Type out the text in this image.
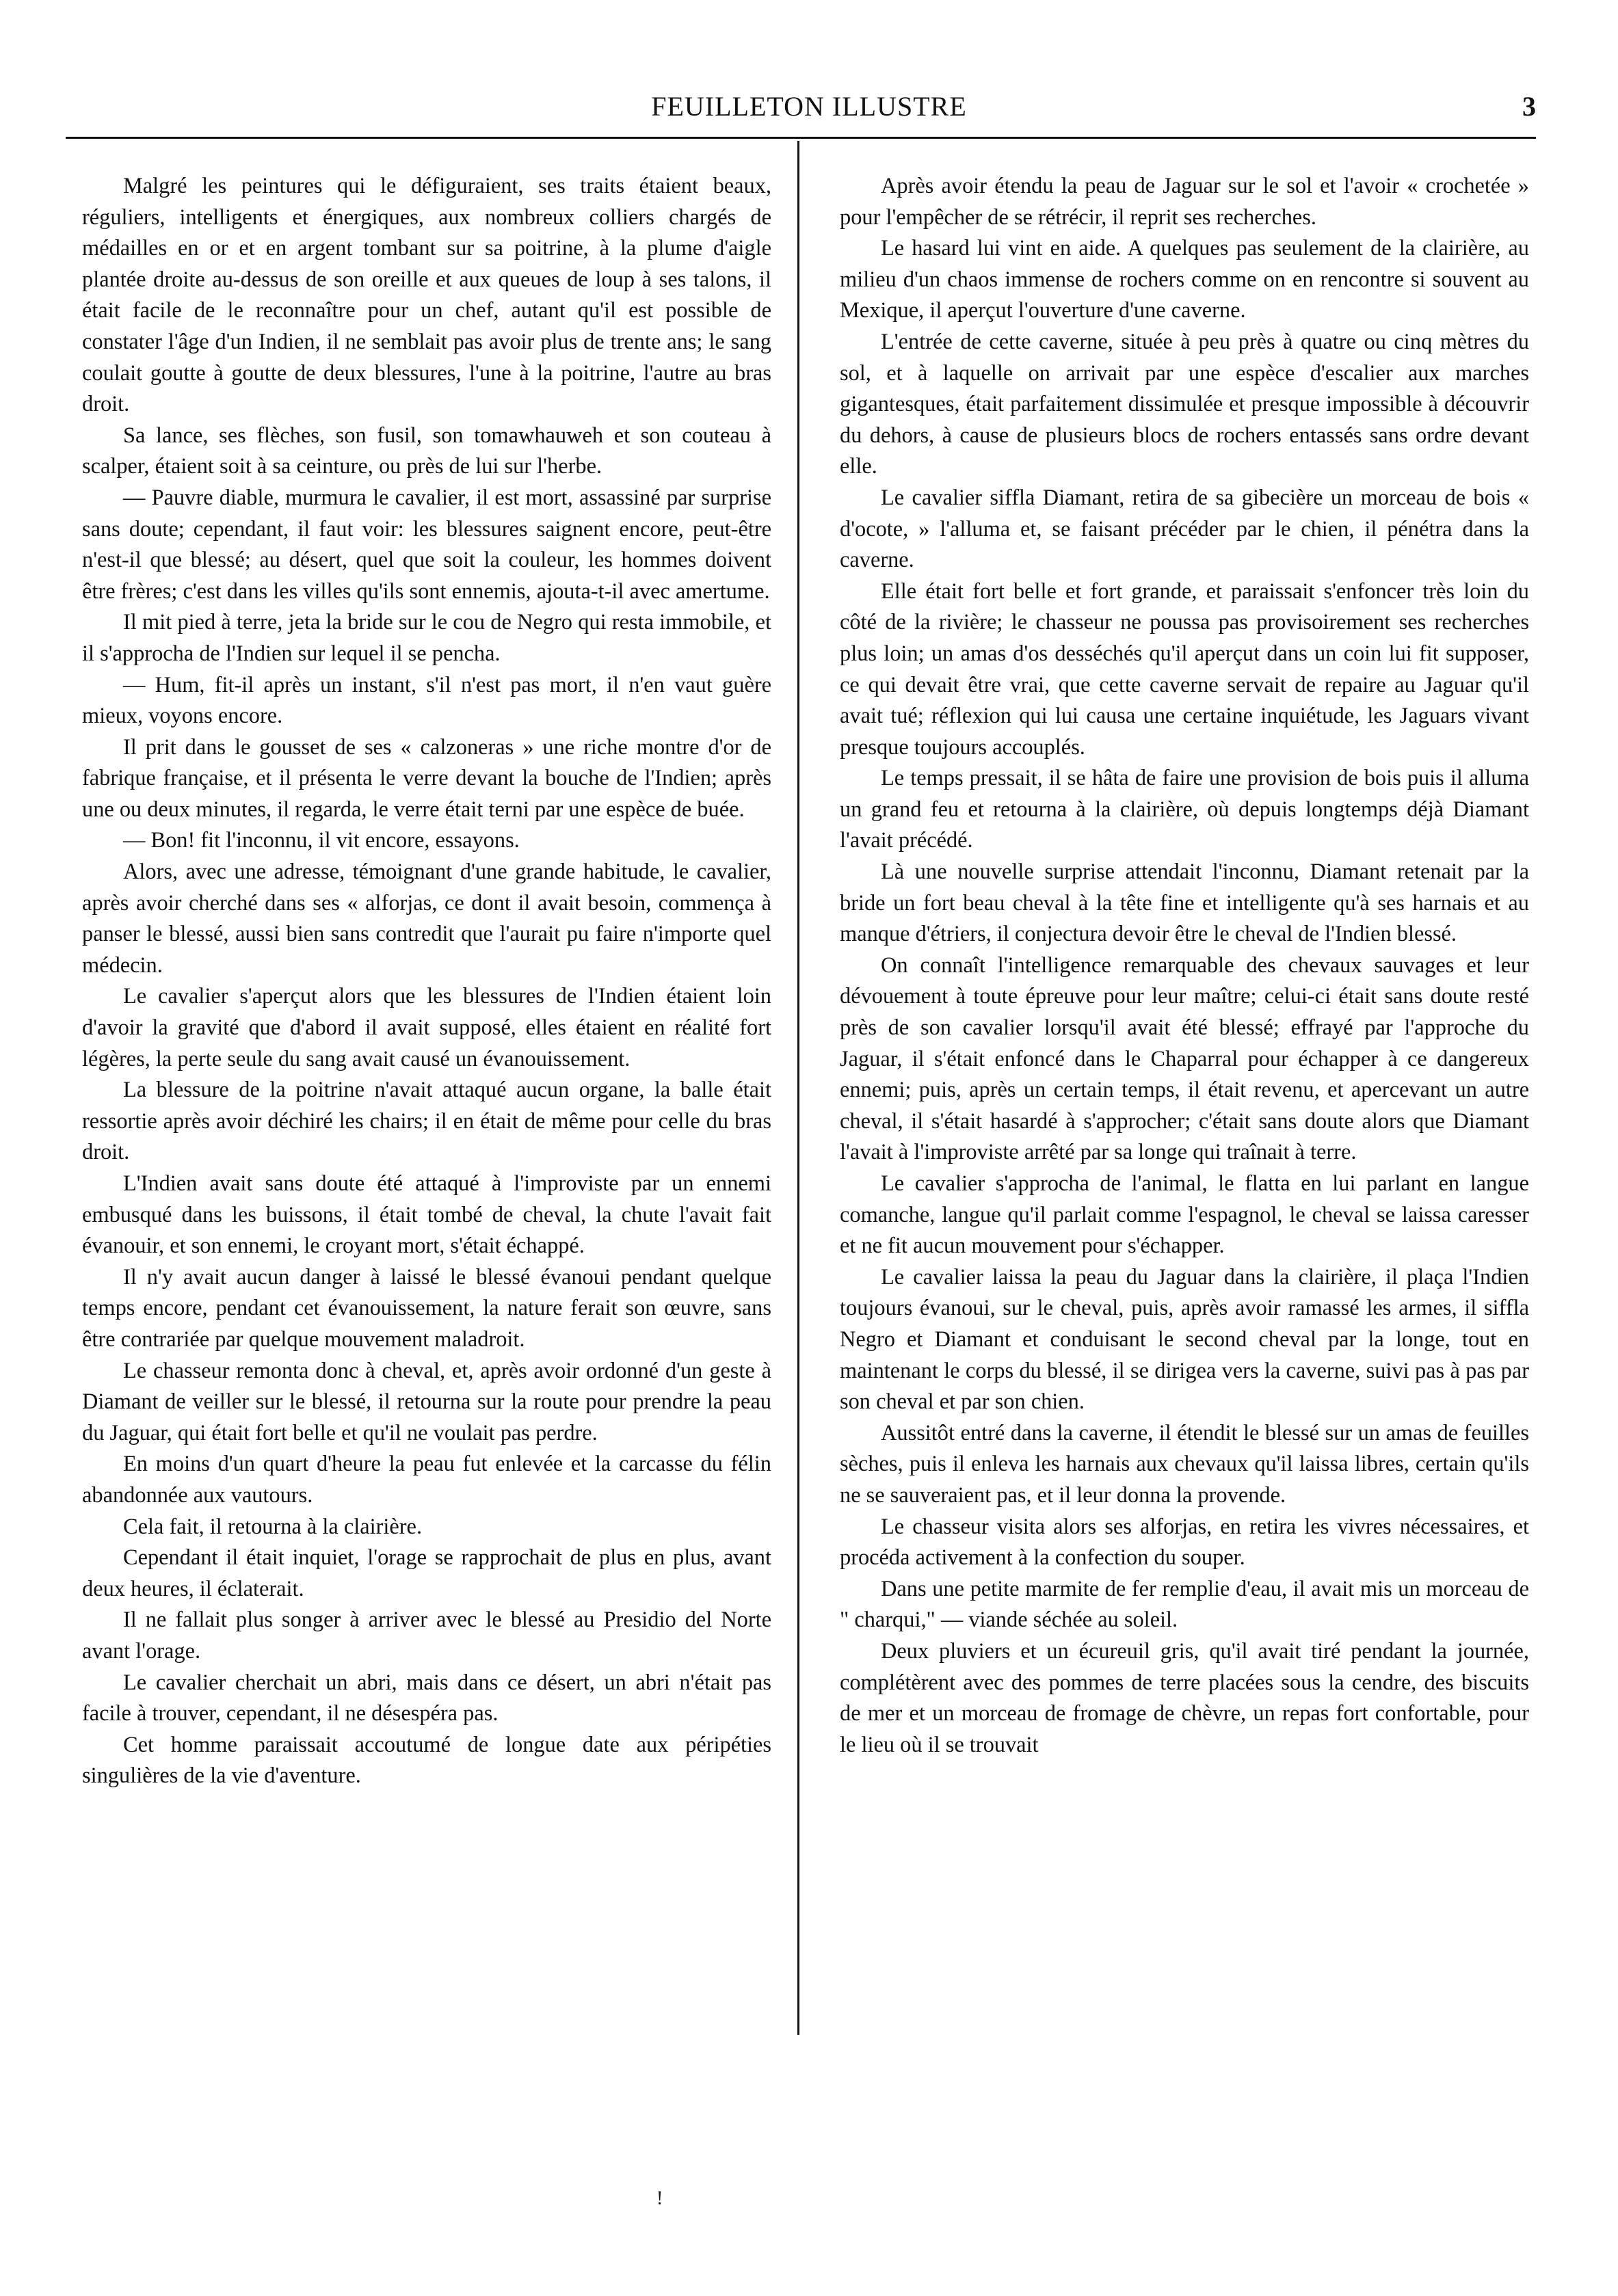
FEUILLETON ILLUSTRE	3

Malgré les peintures qui le défiguraient, ses traits étaient beaux, réguliers, intelligents et énergiques, aux nombreux colliers chargés de médailles en or et en argent tombant sur sa poitrine, à la plume d'aigle plantée droite au-dessus de son oreille et aux queues de loup à ses talons, il était facile de le reconnaître pour un chef, autant qu'il est possible de constater l'âge d'un Indien, il ne semblait pas avoir plus de trente ans; le sang coulait goutte à goutte de deux blessures, l'une à la poitrine, l'autre au bras droit.

Sa lance, ses flèches, son fusil, son tomawhauweh et son couteau à scalper, étaient soit à sa ceinture, ou près de lui sur l'herbe.

— Pauvre diable, murmura le cavalier, il est mort, assassiné par surprise sans doute; cependant, il faut voir: les blessures saignent encore, peut-être n'est-il que blessé; au désert, quel que soit la couleur, les hommes doivent être frères; c'est dans les villes qu'ils sont ennemis, ajouta-t-il avec amertume.

Il mit pied à terre, jeta la bride sur le cou de Negro qui resta immobile, et il s'approcha de l'Indien sur lequel il se pencha.

— Hum, fit-il après un instant, s'il n'est pas mort, il n'en vaut guère mieux, voyons encore.

Il prit dans le gousset de ses « calzoneras » une riche montre d'or de fabrique française, et il présenta le verre devant la bouche de l'Indien; après une ou deux minutes, il regarda, le verre était terni par une espèce de buée.

— Bon! fit l'inconnu, il vit encore, essayons.

Alors, avec une adresse, témoignant d'une grande habitude, le cavalier, après avoir cherché dans ses « alforjas, ce dont il avait besoin, commença à panser le blessé, aussi bien sans contredit que l'aurait pu faire n'importe quel médecin.

Le cavalier s'aperçut alors que les blessures de l'Indien étaient loin d'avoir la gravité que d'abord il avait supposé, elles étaient en réalité fort légères, la perte seule du sang avait causé un évanouissement.

La blessure de la poitrine n'avait attaqué aucun organe, la balle était ressortie après avoir déchiré les chairs; il en était de même pour celle du bras droit.

L'Indien avait sans doute été attaqué à l'improviste par un ennemi embusqué dans les buissons, il était tombé de cheval, la chute l'avait fait évanouir, et son ennemi, le croyant mort, s'était échappé.

Il n'y avait aucun danger à laissé le blessé évanoui pendant quelque temps encore, pendant cet évanouissement, la nature ferait son œuvre, sans être contrariée par quelque mouvement maladroit.

Le chasseur remonta donc à cheval, et, après avoir ordonné d'un geste à Diamant de veiller sur le blessé, il retourna sur la route pour prendre la peau du Jaguar, qui était fort belle et qu'il ne voulait pas perdre.

En moins d'un quart d'heure la peau fut enlevée et la carcasse du félin abandonnée aux vautours.

Cela fait, il retourna à la clairière.

Cependant il était inquiet, l'orage se rapprochait de plus en plus, avant deux heures, il éclaterait.

Il ne fallait plus songer à arriver avec le blessé au Presidio del Norte avant l'orage.

Le cavalier cherchait un abri, mais dans ce désert, un abri n'était pas facile à trouver, cependant, il ne désespéra pas.

Cet homme paraissait accoutumé de longue date aux péripéties singulières de la vie d'aventure.

Après avoir étendu la peau de Jaguar sur le sol et l'avoir « crochetée » pour l'empêcher de se rétrécir, il reprit ses recherches.

Le hasard lui vint en aide. A quelques pas seulement de la clairière, au milieu d'un chaos immense de rochers comme on en rencontre si souvent au Mexique, il aperçut l'ouverture d'une caverne.

L'entrée de cette caverne, située à peu près à quatre ou cinq mètres du sol, et à laquelle on arrivait par une espèce d'escalier aux marches gigantesques, était parfaitement dissimulée et presque impossible à découvrir du dehors, à cause de plusieurs blocs de rochers entassés sans ordre devant elle.

Le cavalier siffla Diamant, retira de sa gibecière un morceau de bois « d'ocote, » l'alluma et, se faisant précéder par le chien, il pénétra dans la caverne.

Elle était fort belle et fort grande, et paraissait s'enfoncer très loin du côté de la rivière; le chasseur ne poussa pas provisoirement ses recherches plus loin; un amas d'os desséchés qu'il aperçut dans un coin lui fit supposer, ce qui devait être vrai, que cette caverne servait de repaire au Jaguar qu'il avait tué; réflexion qui lui causa une certaine inquiétude, les Jaguars vivant presque toujours accouplés.

Le temps pressait, il se hâta de faire une provision de bois puis il alluma un grand feu et retourna à la clairière, où depuis longtemps déjà Diamant l'avait précédé.

Là une nouvelle surprise attendait l'inconnu, Diamant retenait par la bride un fort beau cheval à la tête fine et intelligente qu'à ses harnais et au manque d'étriers, il conjectura devoir être le cheval de l'Indien blessé.

On connaît l'intelligence remarquable des chevaux sauvages et leur dévouement à toute épreuve pour leur maître; celui-ci était sans doute resté près de son cavalier lorsqu'il avait été blessé; effrayé par l'approche du Jaguar, il s'était enfoncé dans le Chaparral pour échapper à ce dangereux ennemi; puis, après un certain temps, il était revenu, et apercevant un autre cheval, il s'était hasardé à s'approcher; c'était sans doute alors que Diamant l'avait à l'improviste arrêté par sa longe qui traînait à terre.

Le cavalier s'approcha de l'animal, le flatta en lui parlant en langue comanche, langue qu'il parlait comme l'espagnol, le cheval se laissa caresser et ne fit aucun mouvement pour s'échapper.

Le cavalier laissa la peau du Jaguar dans la clairière, il plaça l'Indien toujours évanoui, sur le cheval, puis, après avoir ramassé les armes, il siffla Negro et Diamant et conduisant le second cheval par la longe, tout en maintenant le corps du blessé, il se dirigea vers la caverne, suivi pas à pas par son cheval et par son chien.

Aussitôt entré dans la caverne, il étendit le blessé sur un amas de feuilles sèches, puis il enleva les harnais aux chevaux qu'il laissa libres, certain qu'ils ne se sauveraient pas, et il leur donna la provende.

Le chasseur visita alors ses alforjas, en retira les vivres nécessaires, et procéda activement à la confection du souper.

Dans une petite marmite de fer remplie d'eau, il avait mis un morceau de " charqui," — viande séchée au soleil.

Deux pluviers et un écureuil gris, qu'il avait tiré pendant la journée, complétèrent avec des pommes de terre placées sous la cendre, des biscuits de mer et un morceau de fromage de chèvre, un repas fort confortable, pour le lieu où il se trouvait

!
